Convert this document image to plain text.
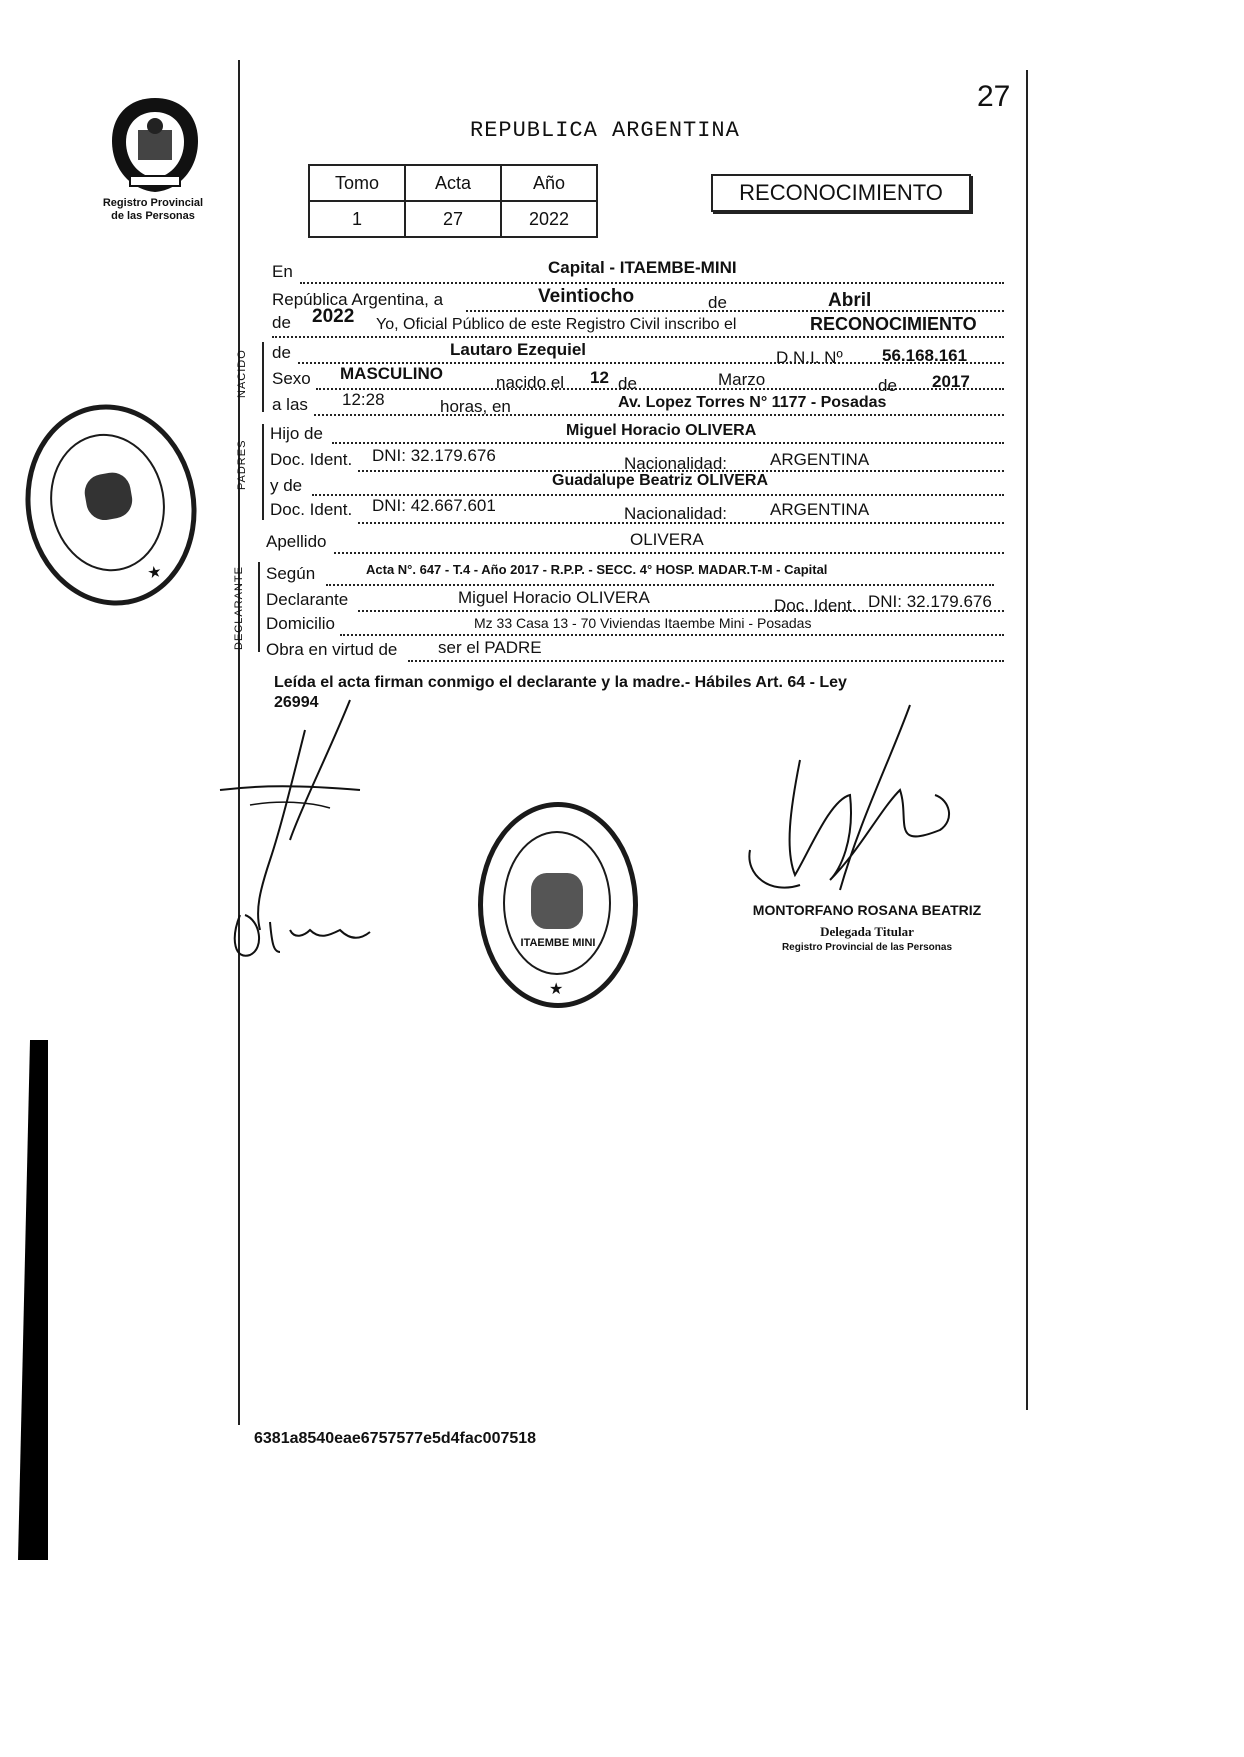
27
Registro Provincial
de las Personas
REPUBLICA ARGENTINA
Tomo	Acta	Año
1	27	2022
RECONOCIMIENTO
En	Capital - ITAEMBE-MINI
República Argentina, a	Veintiocho	de	Abril
de 2022 Yo, Oficial Público de este Registro Civil inscribo el	RECONOCIMIENTO
NACIDO de	Lautaro Ezequiel	D.N.I. Nº 56.168.161
Sexo MASCULINO	nacido el 12 de	Marzo	de 2017
a las 12:28	horas, en	Av. Lopez Torres N° 1177 - Posadas
PADRES
Hijo de	Miguel Horacio OLIVERA
Doc. Ident. DNI: 32.179.676	Nacionalidad:	ARGENTINA
y de	Guadalupe Beatriz OLIVERA
Doc. Ident. DNI: 42.667.601	Nacionalidad:	ARGENTINA
Apellido	OLIVERA
DECLARANTE Según	Acta N°. 647 - T.4 - Año 2017 - R.P.P. - SECC. 4° HOSP. MADAR.T-M - Capital
Declarante	Miguel Horacio OLIVERA	Doc. Ident. DNI: 32.179.676
Domicilio	Mz 33 Casa 13 - 70 Viviendas Itaembe Mini - Posadas
Obra en virtud de ser el PADRE
Leída el acta firman conmigo el declarante y la madre.- Hábiles Art. 64 - Ley
26994
MONTORFANO ROSANA BEATRIZ
Delegada Titular
Registro Provincial de las Personas
★
ITAEMBE MINI
★
6381a8540eae6757577e5d4fac007518
